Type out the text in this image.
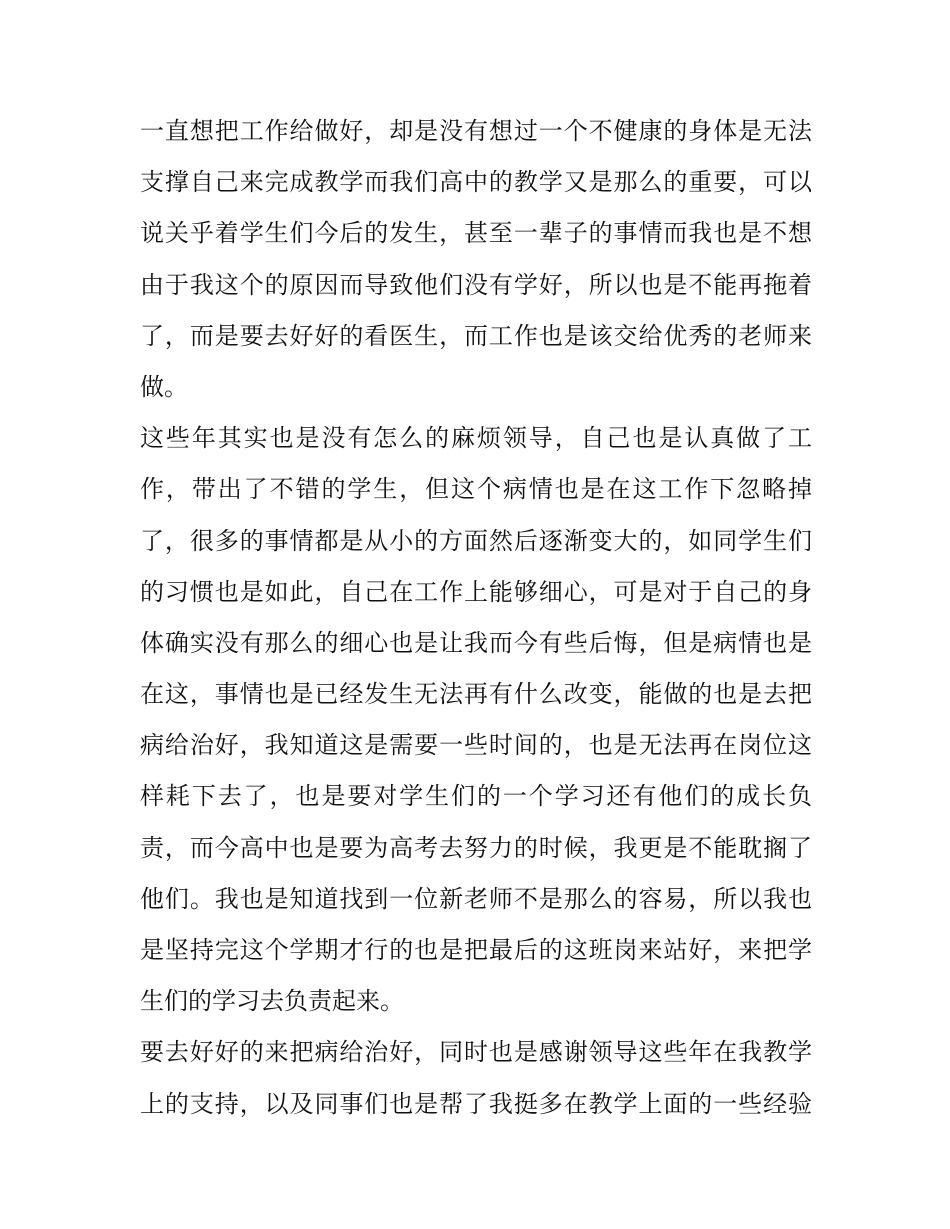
一直想把工作给做好，却是没有想过一个不健康的身体是无法
支撑自己来完成教学而我们高中的教学又是那么的重要，可以
说关乎着学生们今后的发生，甚至一辈子的事情而我也是不想
由于我这个的原因而导致他们没有学好，所以也是不能再拖着
了，而是要去好好的看医生，而工作也是该交给优秀的老师来
做。
这些年其实也是没有怎么的麻烦领导，自己也是认真做了工
作，带出了不错的学生，但这个病情也是在这工作下忽略掉
了，很多的事情都是从小的方面然后逐渐变大的，如同学生们
的习惯也是如此，自己在工作上能够细心，可是对于自己的身
体确实没有那么的细心也是让我而今有些后悔，但是病情也是
在这，事情也是已经发生无法再有什么改变，能做的也是去把
病给治好，我知道这是需要一些时间的，也是无法再在岗位这
样耗下去了，也是要对学生们的一个学习还有他们的成长负
责，而今高中也是要为高考去努力的时候，我更是不能耽搁了
他们。我也是知道找到一位新老师不是那么的容易，所以我也
是坚持完这个学期才行的也是把最后的这班岗来站好，来把学
生们的学习去负责起来。
要去好好的来把病给治好，同时也是感谢领导这些年在我教学
上的支持，以及同事们也是帮了我挺多在教学上面的一些经验
